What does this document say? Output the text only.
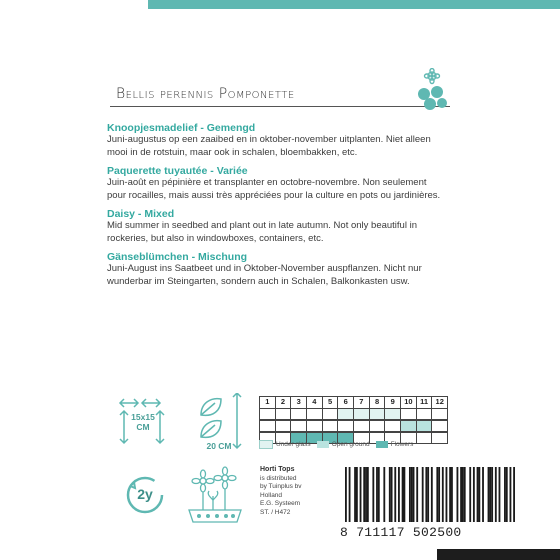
Bellis perennis Pomponette
Knoopjesmadelief - Gemengd
Juni-augustus op een zaaibed en in oktober-november uitplanten. Niet alleen mooi in de rotstuin, maar ook in schalen, bloembakken, etc.
Paquerette tuyautée - Variée
Juin-août en pépinière et transplanter en octobre-novembre. Non seulement pour rocailles, mais aussi très appréciées pour la culture en pots ou jardinières.
Daisy - Mixed
Mid summer in seedbed and plant out in late autumn. Not only beautiful in rockeries, but also in windowboxes, containers, etc.
Gänseblümchen - Mischung
Juni-August ins Saatbeet und in Oktober-November auspflanzen. Nicht nur wunderbar im Steingarten, sondern auch in Schalen, Balkonkasten usw.
15x15
CM
20 CM
2y
1	2	3	4	5	6	7	8	9	10	11	12
Under glass	Open ground	Flowers
Horti Tops
is distributed
by Tuinplus bv
Holland
E.G. Systeem
ST. / H472
8 711117 502500
